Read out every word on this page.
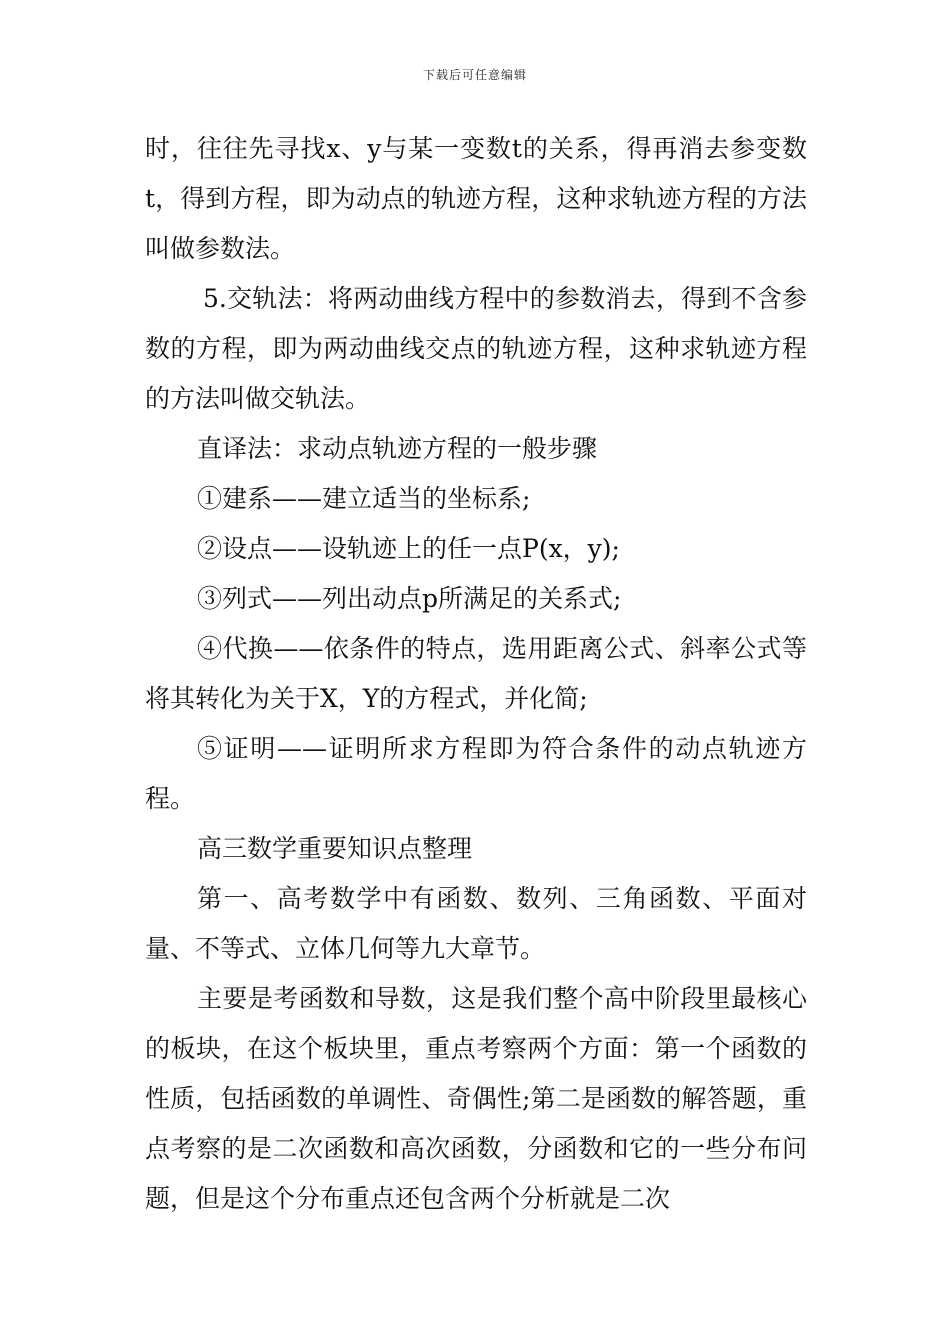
下载后可任意编辑

时，往往先寻找x、y与某一变数t的关系，得再消去参变数t，得到方程，即为动点的轨迹方程，这种求轨迹方程的方法叫做参数法。

5.交轨法：将两动曲线方程中的参数消去，得到不含参数的方程，即为两动曲线交点的轨迹方程，这种求轨迹方程的方法叫做交轨法。

直译法：求动点轨迹方程的一般步骤

①建系——建立适当的坐标系;

②设点——设轨迹上的任一点P(x，y);

③列式——列出动点p所满足的关系式;

④代换——依条件的特点，选用距离公式、斜率公式等将其转化为关于X，Y的方程式，并化简;

⑤证明——证明所求方程即为符合条件的动点轨迹方程。

高三数学重要知识点整理

第一、高考数学中有函数、数列、三角函数、平面对量、不等式、立体几何等九大章节。

主要是考函数和导数，这是我们整个高中阶段里最核心的板块，在这个板块里，重点考察两个方面：第一个函数的性质，包括函数的单调性、奇偶性;第二是函数的解答题，重点考察的是二次函数和高次函数，分函数和它的一些分布问题，但是这个分布重点还包含两个分析就是二次
